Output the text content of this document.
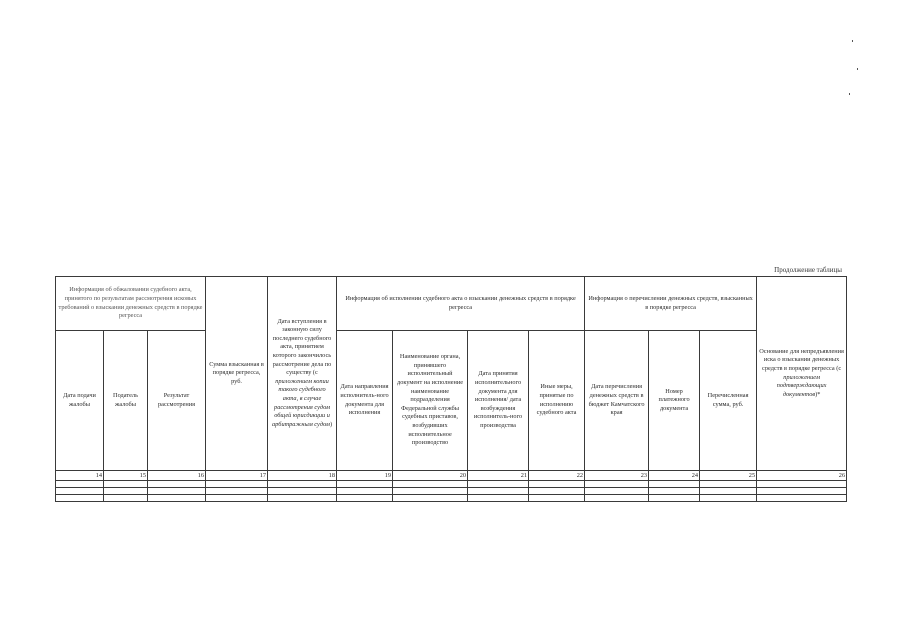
Продолжение таблицы
Информация об обжаловании судебного акта, принятого по результатам рассмотрения исковых требований о взыскании денежных средств в порядке регресса			Сумма взысканная в порядке регресса, руб.	Дата вступления в законную силу последнего судебного акта, принятием которого закончилось рассмотрение дела по существу (с приложением копии такого судебного акта, в случае рассмотрения судом общей юрисдикции и арбитражным судом)	Информация об исполнении судебного акта о взыскании денежных средств в порядке регресса				Информация о перечислении денежных средств, взысканных в порядке регресса			Основание для непредъявления иска о взыскании денежных средств в порядке регресса (с приложением подтверждающих документов)*
Дата подачи жалобы	Податель жалобы	Результат рассмотрения			Дата направления исполнитель-ного документа для исполнения	Наименование органа, принявшего исполнительный документ на исполнение наименование подразделения Федеральной службы судебных приставов, возбудивших исполнительное производство	Дата принятия исполнительного документа для исполнения/ дата возбуждения исполнитель-ного производства	Иные меры, принятые по исполнению судебного акта	Дата перечисления денежных средств в бюджет Камчатского края	Номер платежного документа	Перечисленная сумма, руб.	
14	15	16	17	18	19	20	21	22	23	24	25	26
